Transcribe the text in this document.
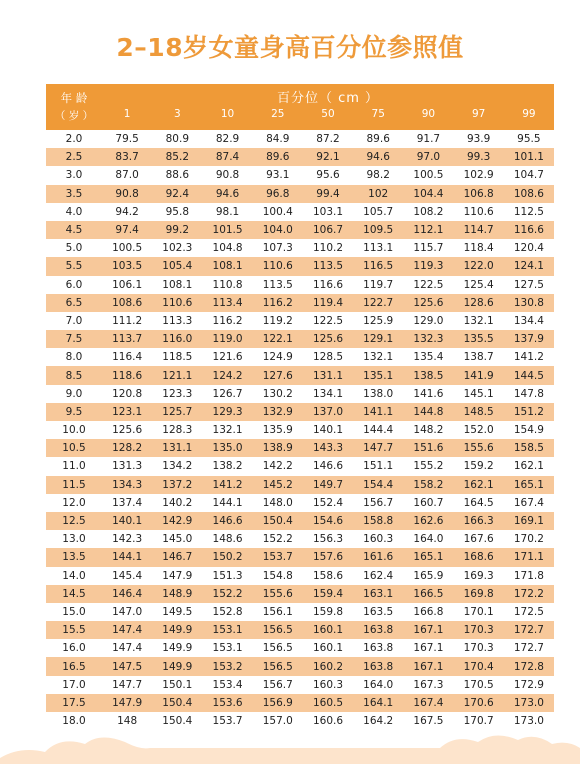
2–18岁女童身高百分位参照值
年 龄	百分位（ cm ）								
（ 岁 ）	1	3	10	25	50	75	90	97	99
2.0	79.5	80.9	82.9	84.9	87.2	89.6	91.7	93.9	95.5
2.5	83.7	85.2	87.4	89.6	92.1	94.6	97.0	99.3	101.1
3.0	87.0	88.6	90.8	93.1	95.6	98.2	100.5	102.9	104.7
3.5	90.8	92.4	94.6	96.8	99.4	102	104.4	106.8	108.6
4.0	94.2	95.8	98.1	100.4	103.1	105.7	108.2	110.6	112.5
4.5	97.4	99.2	101.5	104.0	106.7	109.5	112.1	114.7	116.6
5.0	100.5	102.3	104.8	107.3	110.2	113.1	115.7	118.4	120.4
5.5	103.5	105.4	108.1	110.6	113.5	116.5	119.3	122.0	124.1
6.0	106.1	108.1	110.8	113.5	116.6	119.7	122.5	125.4	127.5
6.5	108.6	110.6	113.4	116.2	119.4	122.7	125.6	128.6	130.8
7.0	111.2	113.3	116.2	119.2	122.5	125.9	129.0	132.1	134.4
7.5	113.7	116.0	119.0	122.1	125.6	129.1	132.3	135.5	137.9
8.0	116.4	118.5	121.6	124.9	128.5	132.1	135.4	138.7	141.2
8.5	118.6	121.1	124.2	127.6	131.1	135.1	138.5	141.9	144.5
9.0	120.8	123.3	126.7	130.2	134.1	138.0	141.6	145.1	147.8
9.5	123.1	125.7	129.3	132.9	137.0	141.1	144.8	148.5	151.2
10.0	125.6	128.3	132.1	135.9	140.1	144.4	148.2	152.0	154.9
10.5	128.2	131.1	135.0	138.9	143.3	147.7	151.6	155.6	158.5
11.0	131.3	134.2	138.2	142.2	146.6	151.1	155.2	159.2	162.1
11.5	134.3	137.2	141.2	145.2	149.7	154.4	158.2	162.1	165.1
12.0	137.4	140.2	144.1	148.0	152.4	156.7	160.7	164.5	167.4
12.5	140.1	142.9	146.6	150.4	154.6	158.8	162.6	166.3	169.1
13.0	142.3	145.0	148.6	152.2	156.3	160.3	164.0	167.6	170.2
13.5	144.1	146.7	150.2	153.7	157.6	161.6	165.1	168.6	171.1
14.0	145.4	147.9	151.3	154.8	158.6	162.4	165.9	169.3	171.8
14.5	146.4	148.9	152.2	155.6	159.4	163.1	166.5	169.8	172.2
15.0	147.0	149.5	152.8	156.1	159.8	163.5	166.8	170.1	172.5
15.5	147.4	149.9	153.1	156.5	160.1	163.8	167.1	170.3	172.7
16.0	147.4	149.9	153.1	156.5	160.1	163.8	167.1	170.3	172.7
16.5	147.5	149.9	153.2	156.5	160.2	163.8	167.1	170.4	172.8
17.0	147.7	150.1	153.4	156.7	160.3	164.0	167.3	170.5	172.9
17.5	147.9	150.4	153.6	156.9	160.5	164.1	167.4	170.6	173.0
18.0	148	150.4	153.7	157.0	160.6	164.2	167.5	170.7	173.0
